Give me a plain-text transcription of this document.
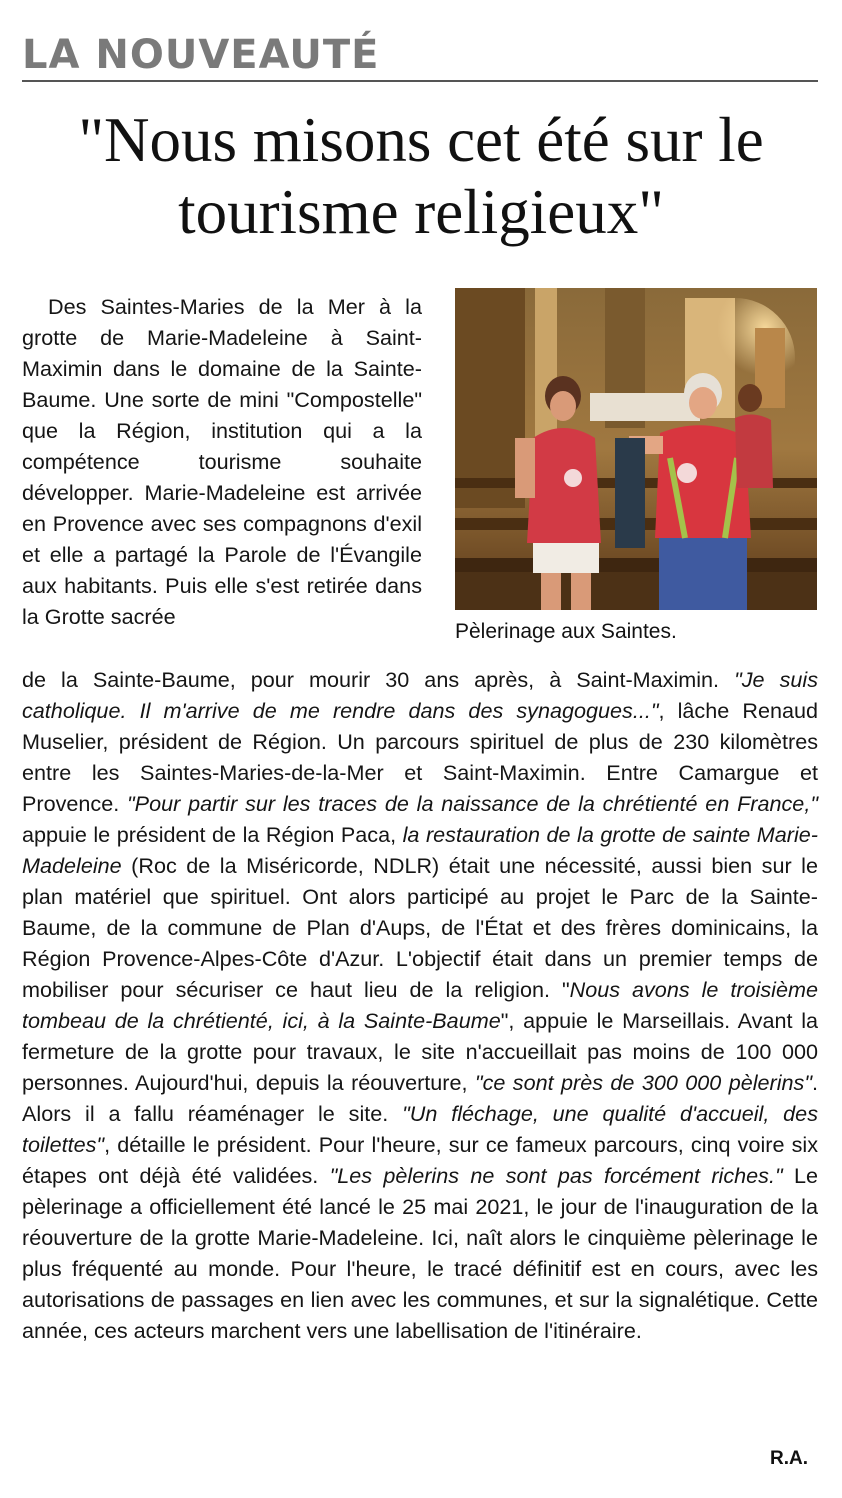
LA NOUVEAUTÉ
"Nous misons cet été sur le tourisme religieux"
Pèlerinage aux Saintes.

Des Saintes-Maries de la Mer à la grotte de Marie-Madeleine à Saint-Maximin dans le domaine de la Sainte-Baume. Une sorte de mini "Compostelle" que la Région, institution qui a la compétence tourisme souhaite développer. Marie-Madeleine est arrivée en Provence avec ses compagnons d'exil et elle a partagé la Parole de l'Évangile aux habitants. Puis elle s'est retirée dans la Grotte sacrée

de la Sainte-Baume, pour mourir 30 ans après, à Saint-Maximin. "Je suis catholique. Il m'arrive de me rendre dans des synagogues...", lâche Renaud Muselier, président de Région. Un parcours spirituel de plus de 230 kilomètres entre les Saintes-Maries-de-la-Mer et Saint-Maximin. Entre Camargue et Provence. "Pour partir sur les traces de la naissance de la chrétienté en France," appuie le président de la Région Paca, la restauration de la grotte de sainte Marie-Madeleine (Roc de la Miséricorde, NDLR) était une nécessité, aussi bien sur le plan matériel que spirituel. Ont alors participé au projet le Parc de la Sainte-Baume, de la commune de Plan d'Aups, de l'État et des frères dominicains, la Région Provence-Alpes-Côte d'Azur. L'objectif était dans un premier temps de mobiliser pour sécuriser ce haut lieu de la religion. "Nous avons le troisième tombeau de la chrétienté, ici, à la Sainte-Baume", appuie le Marseillais. Avant la fermeture de la grotte pour travaux, le site n'accueillait pas moins de 100 000 personnes. Aujourd'hui, depuis la réouverture, "ce sont près de 300 000 pèlerins". Alors il a fallu réaménager le site. "Un fléchage, une qualité d'accueil, des toilettes", détaille le président. Pour l'heure, sur ce fameux parcours, cinq voire six étapes ont déjà été validées. "Les pèlerins ne sont pas forcément riches." Le pèlerinage a officiellement été lancé le 25 mai 2021, le jour de l'inauguration de la réouverture de la grotte Marie-Madeleine. Ici, naît alors le cinquième pèlerinage le plus fréquenté au monde. Pour l'heure, le tracé définitif est en cours, avec les autorisations de passages en lien avec les communes, et sur la signalétique. Cette année, ces acteurs marchent vers une labellisation de l'itinéraire.

R.A.
